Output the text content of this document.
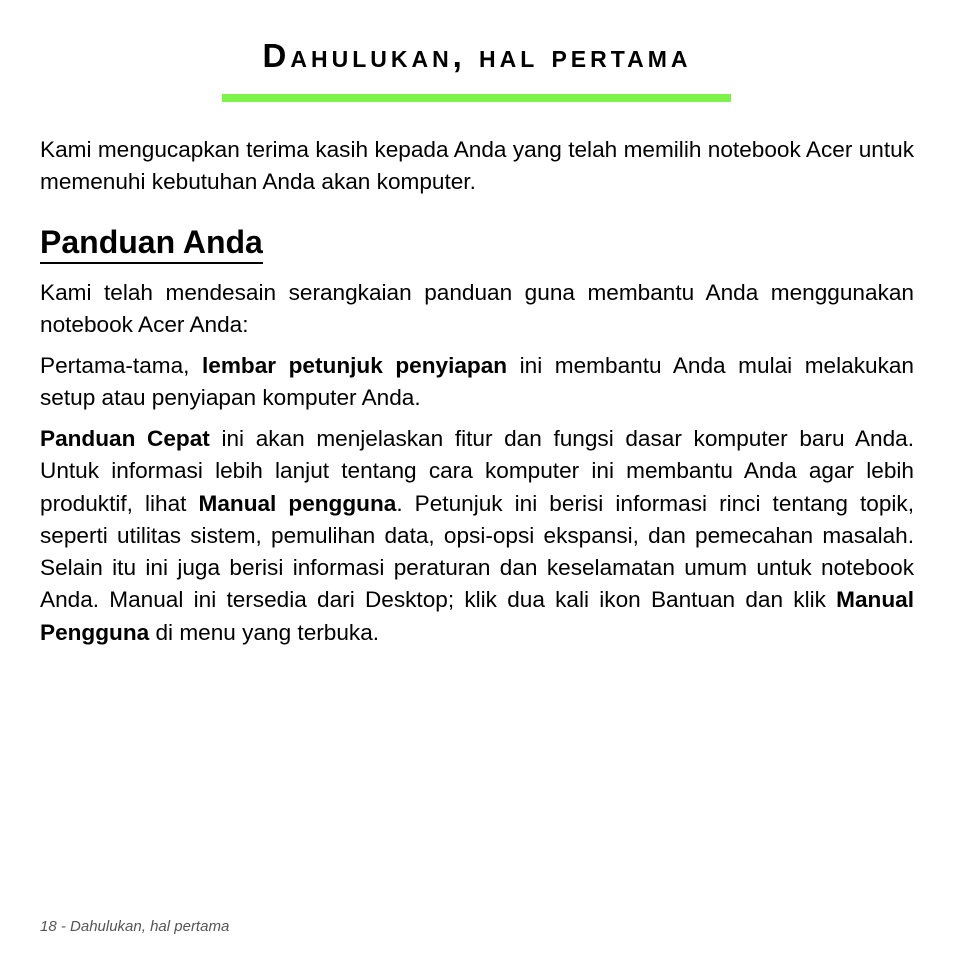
Dahulukan, hal pertama

Kami mengucapkan terima kasih kepada Anda yang telah memilih notebook Acer untuk memenuhi kebutuhan Anda akan komputer.

Panduan Anda

Kami telah mendesain serangkaian panduan guna membantu Anda menggunakan notebook Acer Anda:

Pertama-tama, lembar petunjuk penyiapan ini membantu Anda mulai melakukan setup atau penyiapan komputer Anda.

Panduan Cepat ini akan menjelaskan fitur dan fungsi dasar komputer baru Anda. Untuk informasi lebih lanjut tentang cara komputer ini membantu Anda agar lebih produktif, lihat Manual pengguna. Petunjuk ini berisi informasi rinci tentang topik, seperti utilitas sistem, pemulihan data, opsi-opsi ekspansi, dan pemecahan masalah. Selain itu ini juga berisi informasi peraturan dan keselamatan umum untuk notebook Anda. Manual ini tersedia dari Desktop; klik dua kali ikon Bantuan dan klik Manual Pengguna di menu yang terbuka.

18 - Dahulukan, hal pertama
